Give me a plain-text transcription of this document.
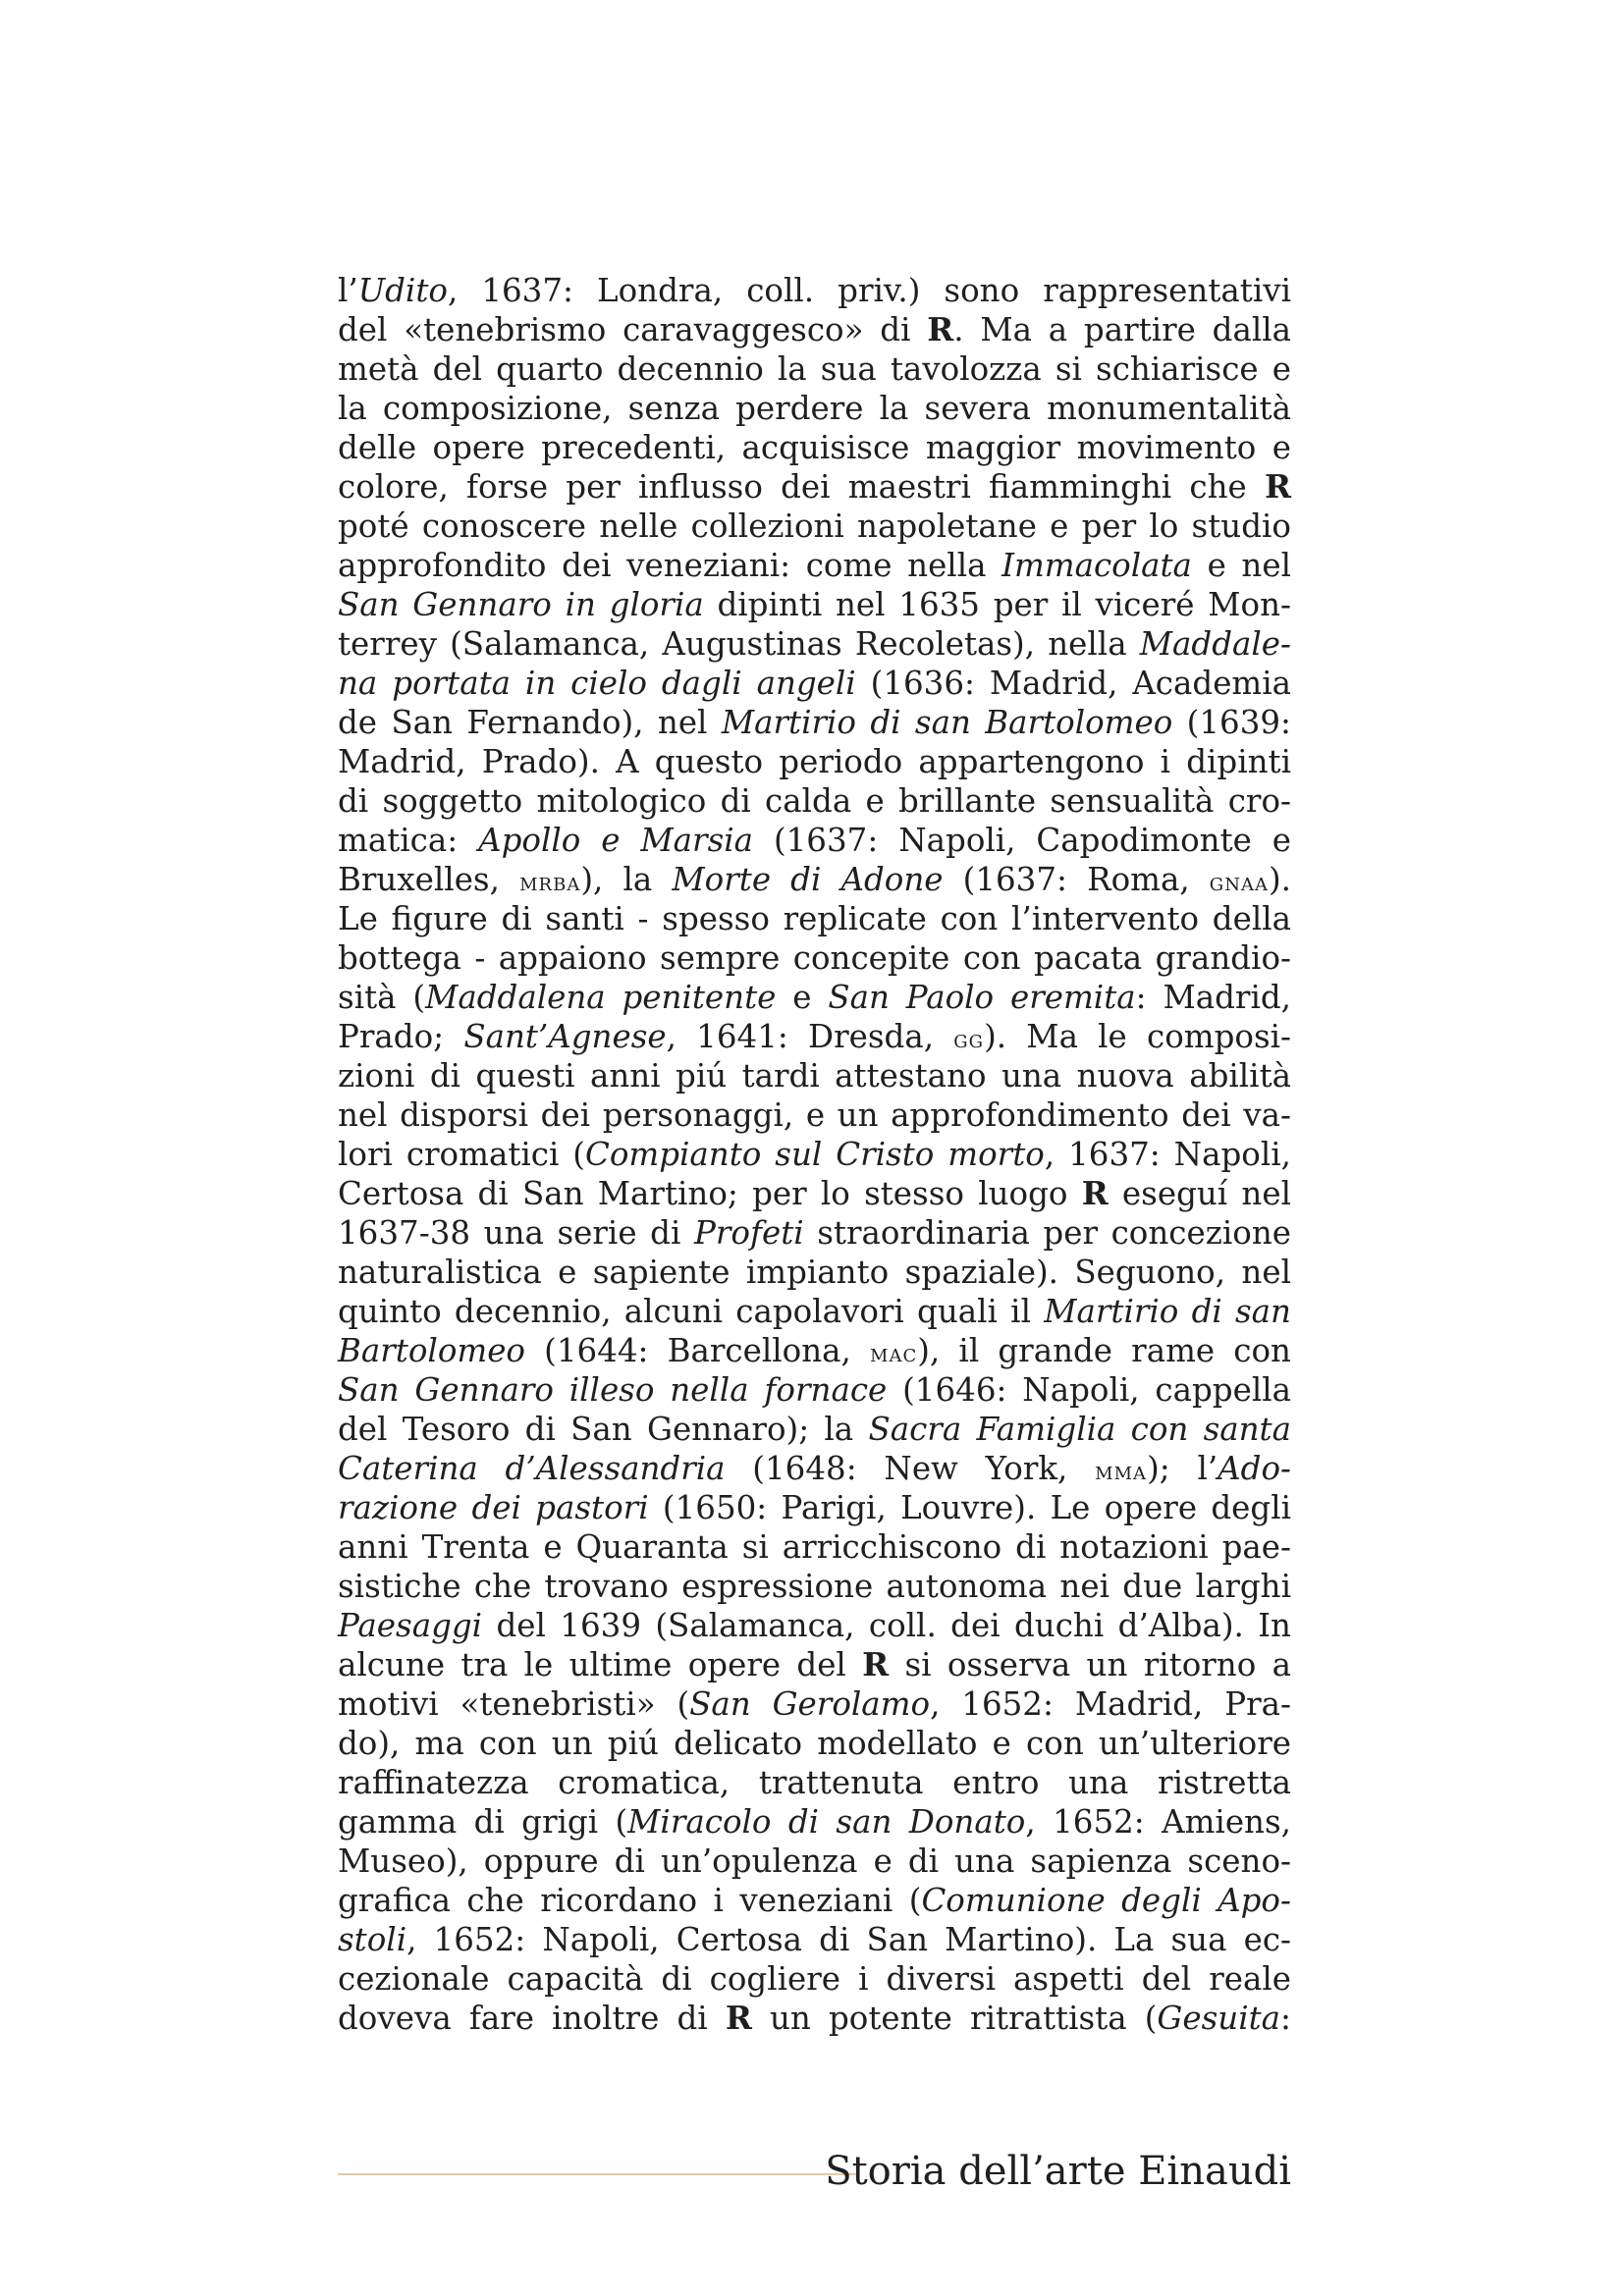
l’Udito, 1637: Londra, coll. priv.) sono rappresentativi
del «tenebrismo caravaggesco» di R. Ma a partire dalla
metà del quarto decennio la sua tavolozza si schiarisce e
la composizione, senza perdere la severa monumentalità
delle opere precedenti, acquisisce maggior movimento e
colore, forse per influsso dei maestri fiamminghi che R
poté conoscere nelle collezioni napoletane e per lo studio
approfondito dei veneziani: come nella Immacolata e nel
San Gennaro in gloria dipinti nel 1635 per il viceré Mon-
terrey (Salamanca, Augustinas Recoletas), nella Maddale-
na portata in cielo dagli angeli (1636: Madrid, Academia
de San Fernando), nel Martirio di san Bartolomeo (1639:
Madrid, Prado). A questo periodo appartengono i dipinti
di soggetto mitologico di calda e brillante sensualità cro-
matica: Apollo e Marsia (1637: Napoli, Capodimonte e
Bruxelles, mrba), la Morte di Adone (1637: Roma, gnaa).
Le figure di santi - spesso replicate con l’intervento della
bottega - appaiono sempre concepite con pacata grandio-
sità (Maddalena penitente e San Paolo eremita: Madrid,
Prado; Sant’Agnese, 1641: Dresda, gg). Ma le composi-
zioni di questi anni piú tardi attestano una nuova abilità
nel disporsi dei personaggi, e un approfondimento dei va-
lori cromatici (Compianto sul Cristo morto, 1637: Napoli,
Certosa di San Martino; per lo stesso luogo R eseguí nel
1637-38 una serie di Profeti straordinaria per concezione
naturalistica e sapiente impianto spaziale). Seguono, nel
quinto decennio, alcuni capolavori quali il Martirio di san
Bartolomeo (1644: Barcellona, mac), il grande rame con
San Gennaro illeso nella fornace (1646: Napoli, cappella
del Tesoro di San Gennaro); la Sacra Famiglia con santa
Caterina d’Alessandria (1648: New York, mma); l’Ado-
razione dei pastori (1650: Parigi, Louvre). Le opere degli
anni Trenta e Quaranta si arricchiscono di notazioni pae-
sistiche che trovano espressione autonoma nei due larghi
Paesaggi del 1639 (Salamanca, coll. dei duchi d’Alba). In
alcune tra le ultime opere del R si osserva un ritorno a
motivi «tenebristi» (San Gerolamo, 1652: Madrid, Pra-
do), ma con un piú delicato modellato e con un’ulteriore
raffinatezza cromatica, trattenuta entro una ristretta
gamma di grigi (Miracolo di san Donato, 1652: Amiens,
Museo), oppure di un’opulenza e di una sapienza sceno-
grafica che ricordano i veneziani (Comunione degli Apo-
stoli, 1652: Napoli, Certosa di San Martino). La sua ec-
cezionale capacità di cogliere i diversi aspetti del reale
doveva fare inoltre di R un potente ritrattista (Gesuita:
Storia dell’arte Einaudi
